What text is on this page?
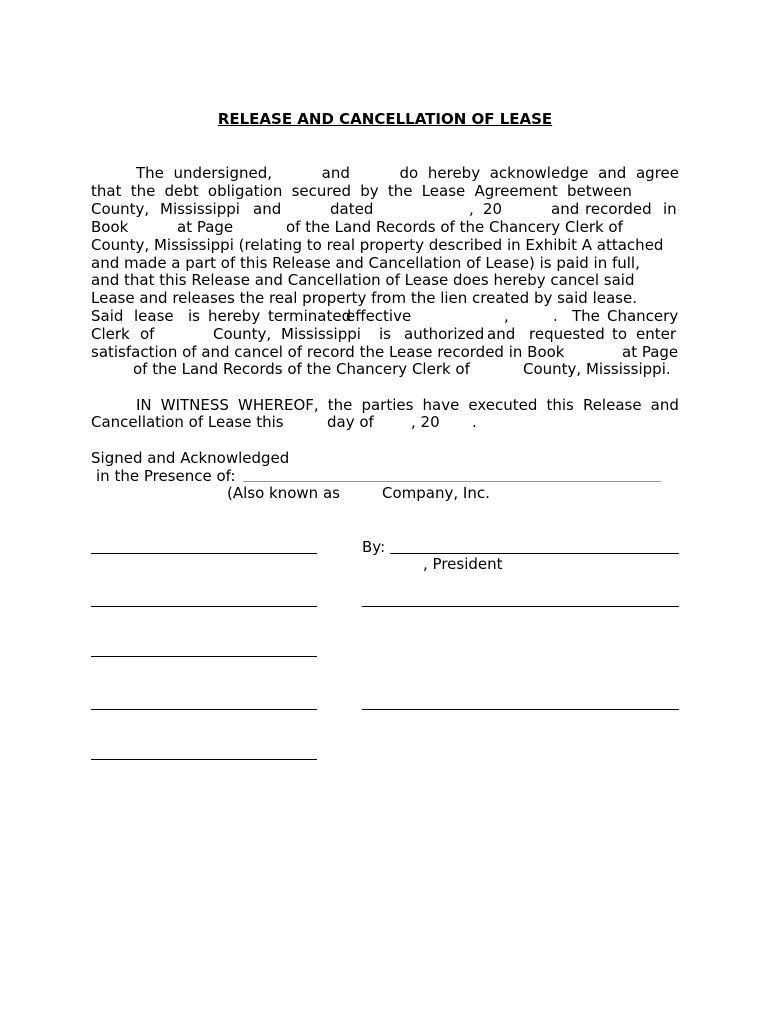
RELEASE AND CANCELLATION OF LEASE
The undersigned,	and	do hereby acknowledge and agree
that the debt obligation secured by the Lease Agreement between
County, Mississippi and	dated	, 20	and recorded in
Book	at Page	of the Land Records of the Chancery Clerk of
County, Mississippi (relating to real property described in Exhibit A attached
and made a part of this Release and Cancellation of Lease) is paid in full,
and that this Release and Cancellation of Lease does hereby cancel said
Lease and releases the real property from the lien created by said lease.
Said lease is hereby terminated
effective	,	. The Chancery
Clerk of	County, Mississippi is authorized and requested to enter
satisfaction of and cancel of record the Lease recorded in Book	at Page
of the Land Records of the Chancery Clerk of	County, Mississippi.
IN WITNESS WHEREOF, the parties have executed this Release and
Cancellation of Lease this	day of , 20 .
Signed and Acknowledged
in the Presence of:
(Also known as	Company, Inc.
By:
, President
